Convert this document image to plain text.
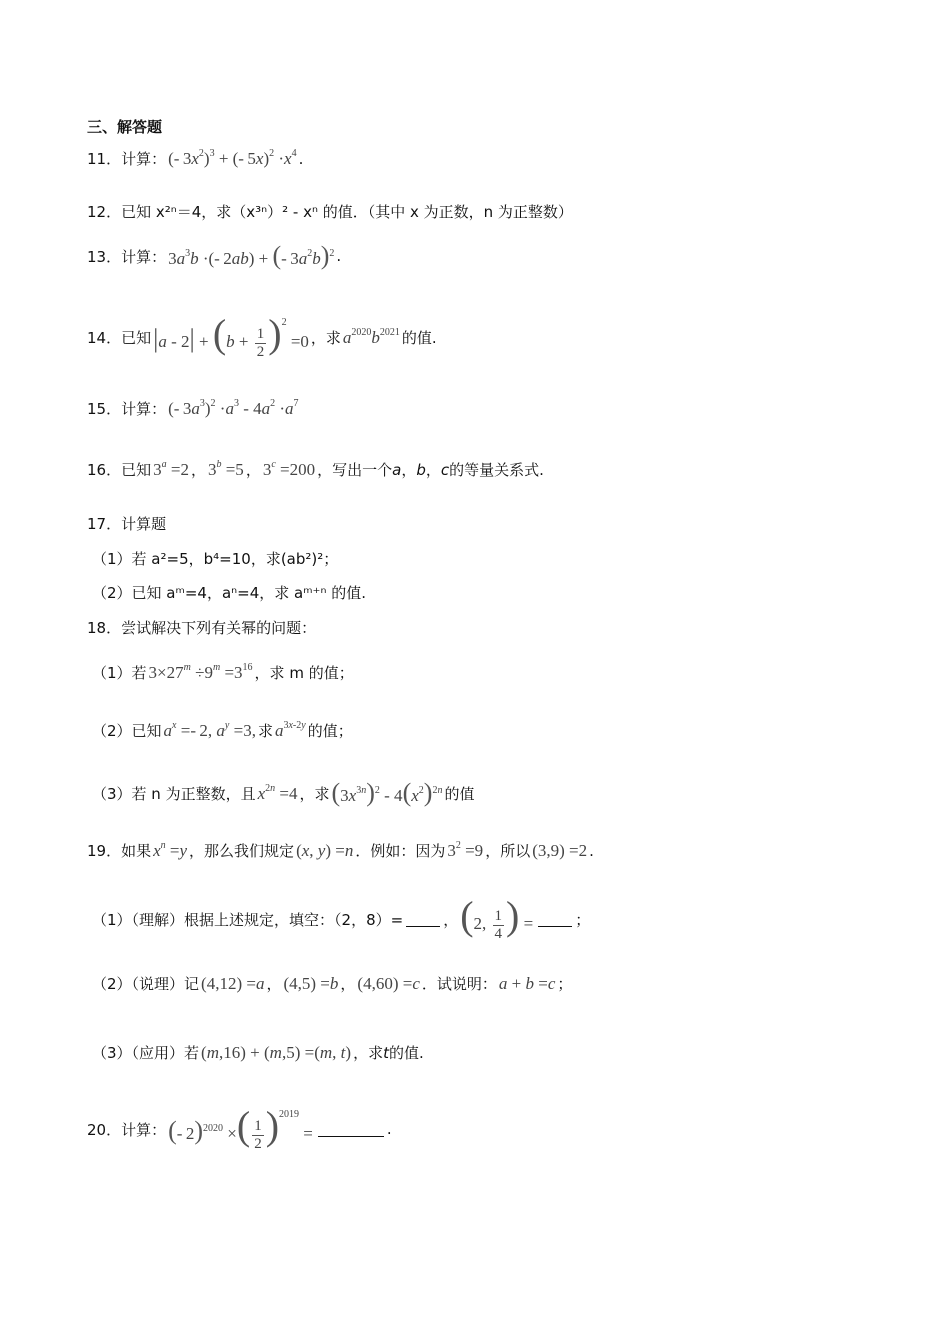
三、解答题
11． 计算： (- $3x^2)^3$ + (- $5x)^2 \cdot x^4$ .
12． 已知 x²ⁿ＝4，求（x³ⁿ）² - xⁿ 的值．（其中 x 为正数，n 为正整数）
13． 计算： $3a^3b$ ·(- 2ab) + (- $3a^2b)^2$ .
14． 已知 $|a - 2| + (b + \frac{1}{2} )^2 =0$ ，求 $a^{2020}b^{2021}$ 的值.
15． 计算： (- $3a^3)^2 \cdot a^3 - 4a^2 \cdot a^7$
16． 已知 $3^a =2$ ， $3^b =5$ ， $3^c =200$ ，写出一个 a ， b ， c 的等量关系式.
17． 计算题
（1）若 a²=5，b⁴=10，求(ab²)²；
（2）已知 aᵐ=4，aⁿ=4，求 aᵐ⁺ⁿ 的值.
18． 尝试解决下列有关幂的问题：
（1）若 $3\times 27^m \div 9^m =3^{16}$ ，求 m 的值；
（2）已知 $a^x =- 2$, $a^y =3$, 求 $a^{3x-2y}$ 的值；
（3）若 n 为正整数，且 $x^{2n} =4$ ，求 $(3x^{3n})^2 - 4(x^2)^{2n}$ 的值
19． 如果 $x^n =y$ ，那么我们规定 (x, y) =n ．例如：因为 $3^2 =9$ ，所以 (3,9) =2 .
（1）（理解）根据上述规定，填空：（2，8）=	， (2, $\frac{1}{4}$ ) =	；
（2）（说理）记 (4,12) =a ， (4,5) =b ， (4,60) =c ．试说明： a + b =c ；
（3）（应用）若 (m,16) + (m,5) =(m, t) ，求 t 的值.
20． 计算： (- 2)$^{2020}$ ×( $\frac{1}{2} )^{2019}$ =	.
